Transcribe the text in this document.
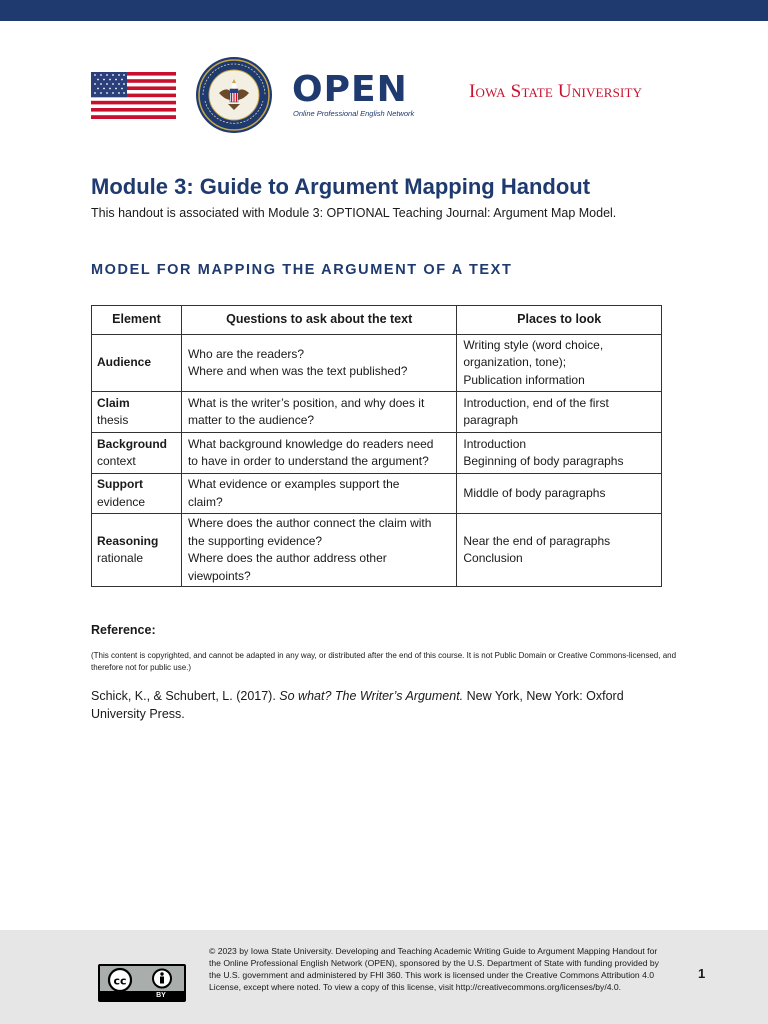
OPEN
Online Professional English Network
Iowa State University
Module 3: Guide to Argument Mapping Handout
This handout is associated with Module 3: OPTIONAL Teaching Journal: Argument Map Model.
MODEL FOR MAPPING THE ARGUMENT OF A TEXT
Element	Questions to ask about the text	Places to look

Audience	Who are the readers?
Where and when was the text published?	Writing style (word choice,
organization, tone);
Publication information

Claim
thesis	What is the writer’s position, and why does it
matter to the audience?	Introduction, end of the first
paragraph

Background
context	What background knowledge do readers need
to have in order to understand the argument?	Introduction
Beginning of body paragraphs

Support
evidence	What evidence or examples support the
claim?	Middle of body paragraphs

Reasoning
rationale	Where does the author connect the claim with
the supporting evidence?
Where does the author address other
viewpoints?	Near the end of paragraphs
Conclusion
Reference:
(This content is copyrighted, and cannot be adapted in any way, or distributed after the end of this course. It is not Public Domain or Creative Commons-licensed, and therefore not for public use.)
Schick, K., & Schubert, L. (2017). So what? The Writer’s Argument. New York, New York: Oxford University Press.
cc
BY
© 2023 by Iowa State University. Developing and Teaching Academic Writing Guide to Argument Mapping Handout for the Online Professional English Network (OPEN), sponsored by the U.S. Department of State with funding provided by the U.S. government and administered by FHI 360. This work is licensed under the Creative Commons Attribution 4.0 License, except where noted. To view a copy of this license, visit http://creativecommons.org/licenses/by/4.0.
1
